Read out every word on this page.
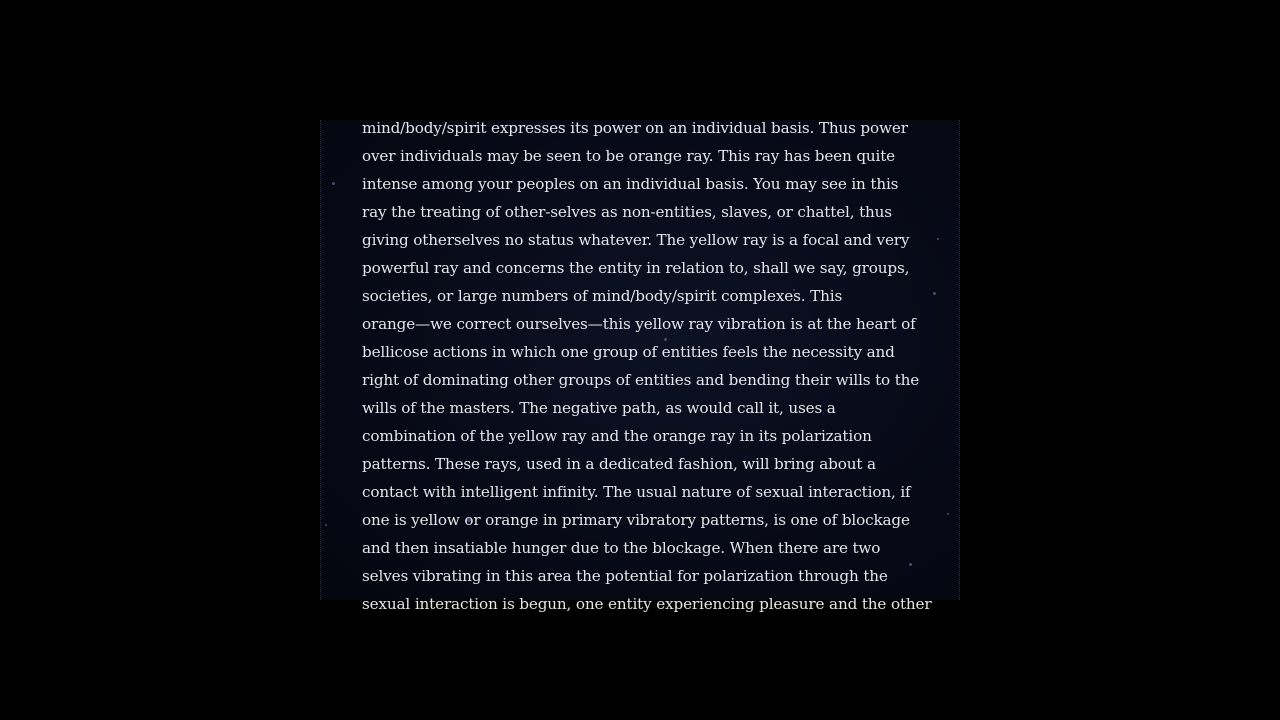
mind/body/spirit expresses its power on an individual basis. Thus power
over individuals may be seen to be orange ray. This ray has been quite
intense among your peoples on an individual basis. You may see in this
ray the treating of other-selves as non-entities, slaves, or chattel, thus
giving otherselves no status whatever. The yellow ray is a focal and very
powerful ray and concerns the entity in relation to, shall we say, groups,
societies, or large numbers of mind/body/spirit complexes. This
orange—we correct ourselves—this yellow ray vibration is at the heart of
bellicose actions in which one group of entities feels the necessity and
right of dominating other groups of entities and bending their wills to the
wills of the masters. The negative path, as would call it, uses a
combination of the yellow ray and the orange ray in its polarization
patterns. These rays, used in a dedicated fashion, will bring about a
contact with intelligent infinity. The usual nature of sexual interaction, if
one is yellow or orange in primary vibratory patterns, is one of blockage
and then insatiable hunger due to the blockage. When there are two
selves vibrating in this area the potential for polarization through the
sexual interaction is begun, one entity experiencing pleasure and the other
